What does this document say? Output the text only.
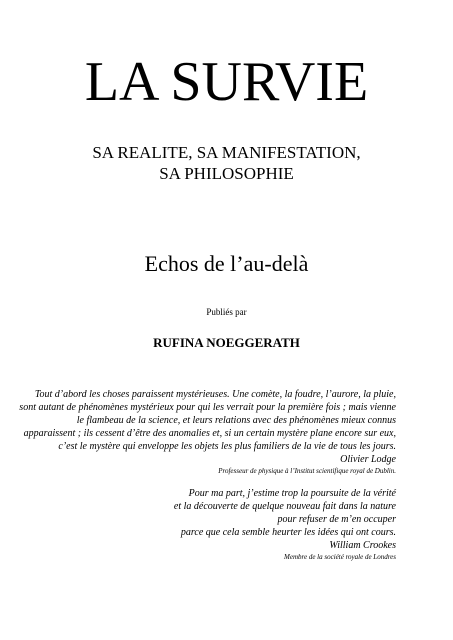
LA SURVIE
SA REALITE, SA MANIFESTATION,
SA PHILOSOPHIE
Echos de l’au-delà
Publiés par
RUFINA NOEGGERATH
Tout d’abord les choses paraissent mystérieuses. Une comète, la foudre, l’aurore, la pluie,
sont autant de phénomènes mystérieux pour qui les verrait pour la première fois ; mais vienne
le flambeau de la science, et leurs relations avec des phénomènes mieux connus
apparaissent ; ils cessent d’être des anomalies et, si un certain mystère plane encore sur eux,
c’est le mystère qui enveloppe les objets les plus familiers de la vie de tous les jours.
Olivier Lodge
Professeur de physique à l’Institut scientifique royal de Dublin.
Pour ma part, j’estime trop la poursuite de la vérité
et la découverte de quelque nouveau fait dans la nature
pour refuser de m’en occuper
parce que cela semble heurter les idées qui ont cours.
William Crookes
Membre de la société royale de Londres
